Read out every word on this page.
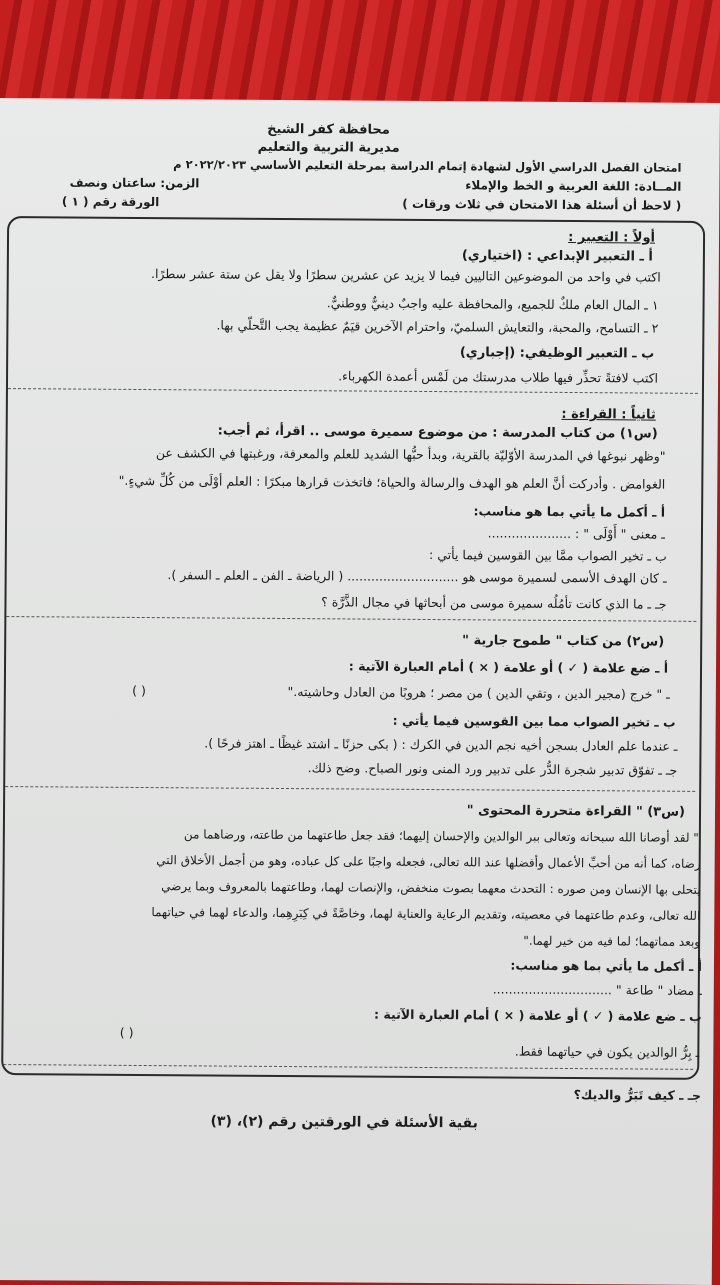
محافظة كفر الشيخ
مديرية التربية والتعليم
امتحان الفصل الدراسي الأول لشهادة إتمام الدراسة بمرحلة التعليم الأساسي ٢٠٢٢/٢٠٢٣ م
المــادة: اللغة العربية و الخط والإملاء
الزمن: ساعتان ونصف
( لاحظ أن أسئلة هذا الامتحان في ثلاث ورقات )
الورقة رقم ( ١ )
أولاً : التعبير :
أ ـ التعبير الإبداعي : (اختياري)
اكتب في واحد من الموضوعين التاليين فيما لا يزيد عن عشرين سطرًا ولا يقل عن ستة عشر سطرًا.
١ ـ المال العام ملكٌ للجميع، والمحافظة عليه واجبٌ دينيٌّ ووطنيٌّ.
٢ ـ التسامح، والمحبة، والتعايش السلميّ، واحترام الآخرين قيَمٌ عظيمة يجب التَّحلّي بها.
ب ـ التعبير الوظيفي: (إجباري)
اكتب لافتةً تحذِّر فيها طلاب مدرستك من لَمْس أعمدة الكهرباء.
ثانياً : القراءة :
(س١) من كتاب المدرسة : من موضوع سميرة موسى .. اقرأ، ثم أجب:
"وظهر نبوغها في المدرسة الأوّليّة بالقرية، وبدأ حبُّها الشديد للعلم والمعرفة، ورغبتها في الكشف عن
الغوامض . وأدركت أنَّ العلم هو الهدف والرسالة والحياة؛ فاتخذت قرارها مبكرًا : العلم أوْلَى من كُلِّ شيءٍ."
أ ـ أكمل ما يأتي بما هو مناسب:
ـ معنى " أَوْلَى " : .....................
ب ـ تخير الصواب ممَّا بين القوسين فيما يأتي :
ـ كان الهدف الأسمى لسميرة موسى هو ............................ ( الرياضة ـ الفن ـ العلم ـ السفر ).
جـ ـ ما الذي كانت تأمُلُه سميرة موسى من أبحاثها في مجال الذَّرَّة ؟
(س٢) من كتاب " طموح جارية "
أ ـ ضع علامة ( ✓ ) أو علامة ( × ) أمام العبارة الآتية :
ـ " خرج (مجير الدين ، وتقي الدين ) من مصر ؛ هروبًا من العادل وحاشيته."
( )
ب ـ تخير الصواب مما بين القوسين فيما يأتي :
ـ عندما علم العادل بسجن أخيه نجم الدين في الكرك : ( بكى حزنًا ـ اشتد غيظًا ـ اهتز فرحًا ).
جـ ـ تفوّق تدبير شجرة الدُّر على تدبير ورد المنى ونور الصباح. وضح ذلك.
(س٣) " القراءة متحررة المحتوى "
" لقد أوصانا الله سبحانه وتعالى ببر الوالدين والإحسان إليهما؛ فقد جعل طاعتهما من طاعته، ورضاهما من
رضاه، كما أنه من أحبِّ الأعمال وأفضلها عند الله تعالى، فجعله واجبًا على كل عباده، وهو من أجمل الأخلاق التي
يتحلى بها الإنسان ومن صوره : التحدث معهما بصوت منخفض، والإنصات لهما، وطاعتهما بالمعروف وبما يرضي
الله تعالى، وعدم طاعتهما في معصيته، وتقديم الرعاية والعناية لهما، وخاصَّةً في كِبَرِهِما، والدعاء لهما في حياتهما
وبعد مماتهما؛ لما فيه من خير لهما."
أ ـ أكمل ما يأتي بما هو مناسب:
ـ مضاد " طاعة " ..............................
ب ـ ضع علامة ( ✓ ) أو علامة ( × ) أمام العبارة الآتية :
( )
ـ بِرُّ الوالدين يكون في حياتهما فقط.
جـ ـ كيف تَبَرُّ والديك؟
بقية الأسئلة في الورقتين رقم (٢)، (٣)
